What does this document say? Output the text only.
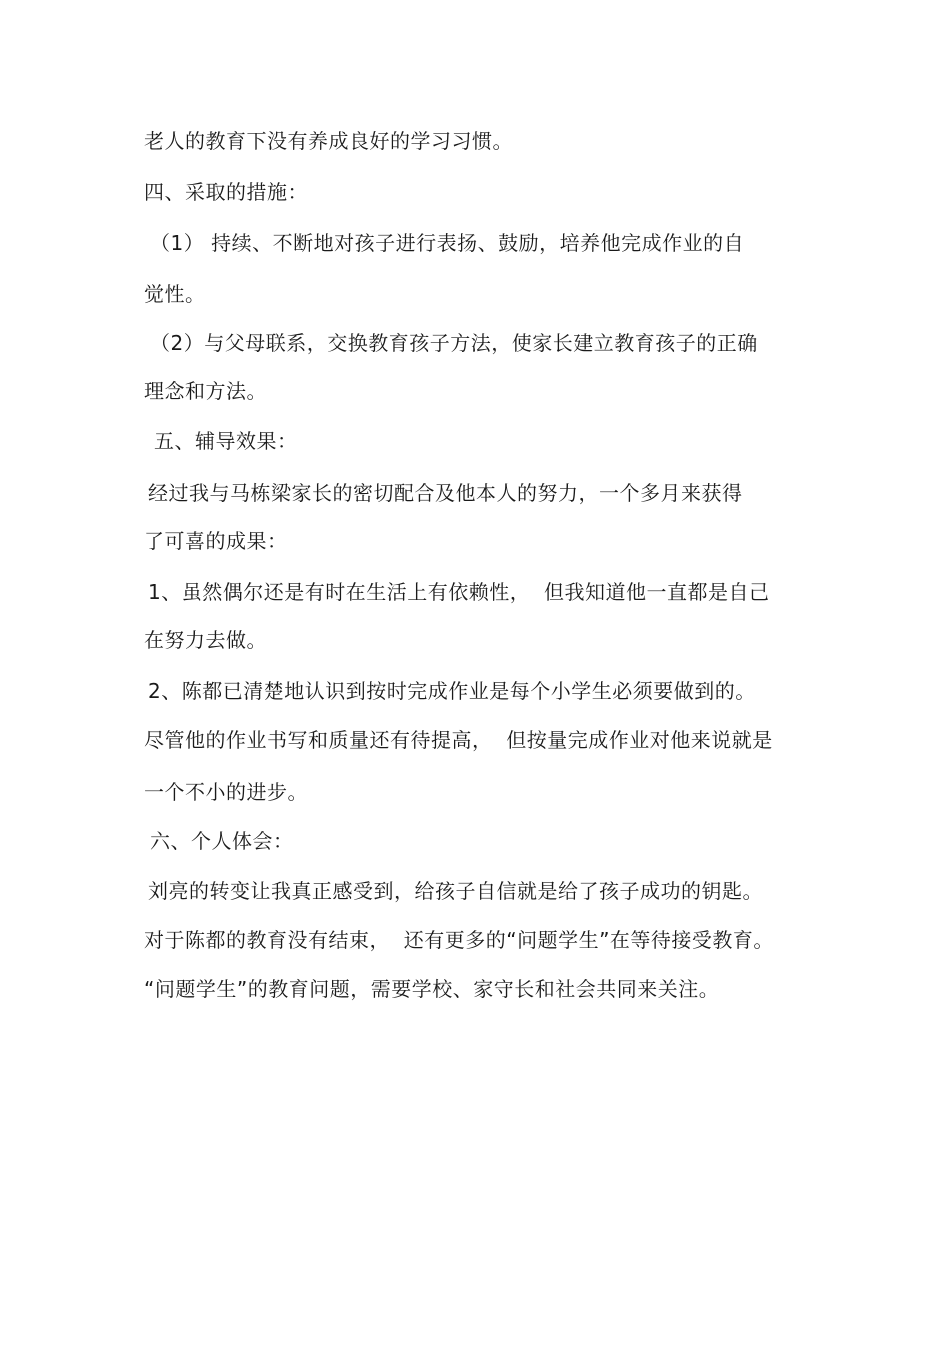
老人的教育下没有养成良好的学习习惯。
四、采取的措施：
（1） 持续、不断地对孩子进行表扬、鼓励，培养他完成作业的自
觉性。
（2）与父母联系，交换教育孩子方法，使家长建立教育孩子的正确
理念和方法。
五、辅导效果：
经过我与马栋梁家长的密切配合及他本人的努力，一个多月来获得
了可喜的成果：
1、虽然偶尔还是有时在生活上有依赖性，  但我知道他一直都是自己
在努力去做。
2、陈都已清楚地认识到按时完成作业是每个小学生必须要做到的。
尽管他的作业书写和质量还有待提高，  但按量完成作业对他来说就是
一个不小的进步。
六、个人体会：
刘亮的转变让我真正感受到，给孩子自信就是给了孩子成功的钥匙。
对于陈都的教育没有结束，  还有更多的“问题学生”在等待接受教育。
“问题学生”的教育问题，需要学校、家守长和社会共同来关注。
